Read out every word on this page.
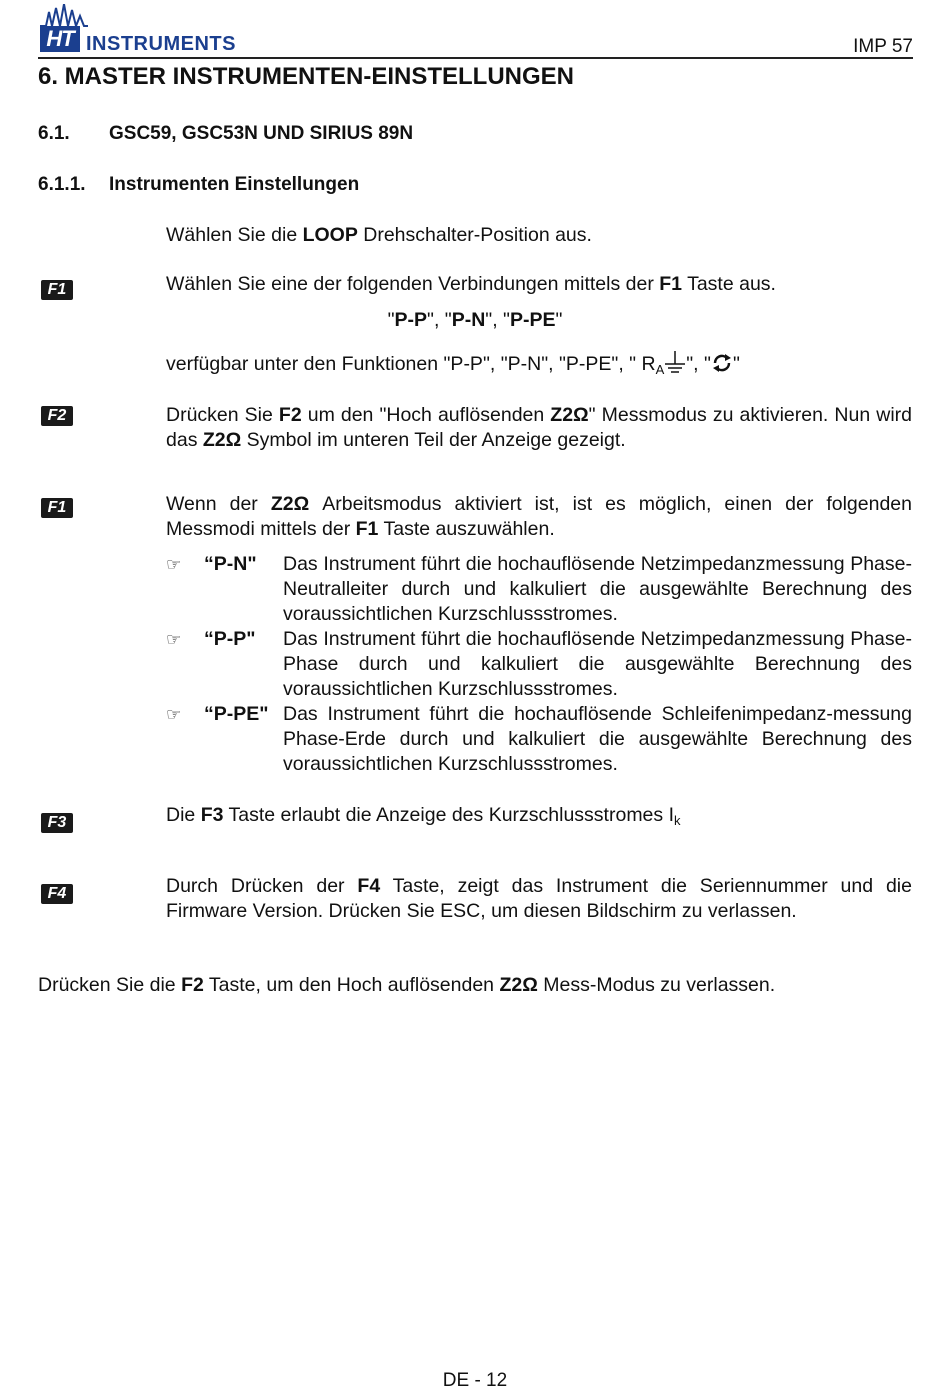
HT INSTRUMENTS	IMP 57
6. MASTER INSTRUMENTEN-EINSTELLUNGEN
6.1. GSC59, GSC53N UND SIRIUS 89N
6.1.1. Instrumenten Einstellungen
Wählen Sie die LOOP Drehschalter-Position aus.
F1	Wählen Sie eine der folgenden Verbindungen mittels der F1 Taste aus.
"P-P", "P-N", "P-PE"
verfügbar unter den Funktionen "P-P", "P-N", "P-PE", " $R_A$ ", " "
F2	Drücken Sie F2 um den "Hoch auflösenden Z2Ω" Messmodus zu aktivieren. Nun wird das Z2Ω Symbol im unteren Teil der Anzeige gezeigt.
F1	Wenn der Z2Ω Arbeitsmodus aktiviert ist, ist es möglich, einen der folgenden Messmodi mittels der F1 Taste auszuwählen.
☞	“P-N"	Das Instrument führt die hochauflösende Netzimpedanzmessung Phase-Neutralleiter durch und kalkuliert die ausgewählte Berechnung des voraussichtlichen Kurzschlussstromes.
☞	“P-P"	Das Instrument führt die hochauflösende Netzimpedanzmessung Phase-Phase durch und kalkuliert die ausgewählte Berechnung des voraussichtlichen Kurzschlussstromes.
☞	“P-PE" Das Instrument führt die hochauflösende Schleifenimpedanz-messung Phase-Erde durch und kalkuliert die ausgewählte Berechnung des voraussichtlichen Kurzschlussstromes.
F3	Die F3 Taste erlaubt die Anzeige des Kurzschlussstromes $I_k$
F4	Durch Drücken der F4 Taste, zeigt das Instrument die Seriennummer und die Firmware Version. Drücken Sie ESC, um diesen Bildschirm zu verlassen.
Drücken Sie die F2 Taste, um den Hoch auflösenden Z2Ω Mess-Modus zu verlassen.
DE - 12
